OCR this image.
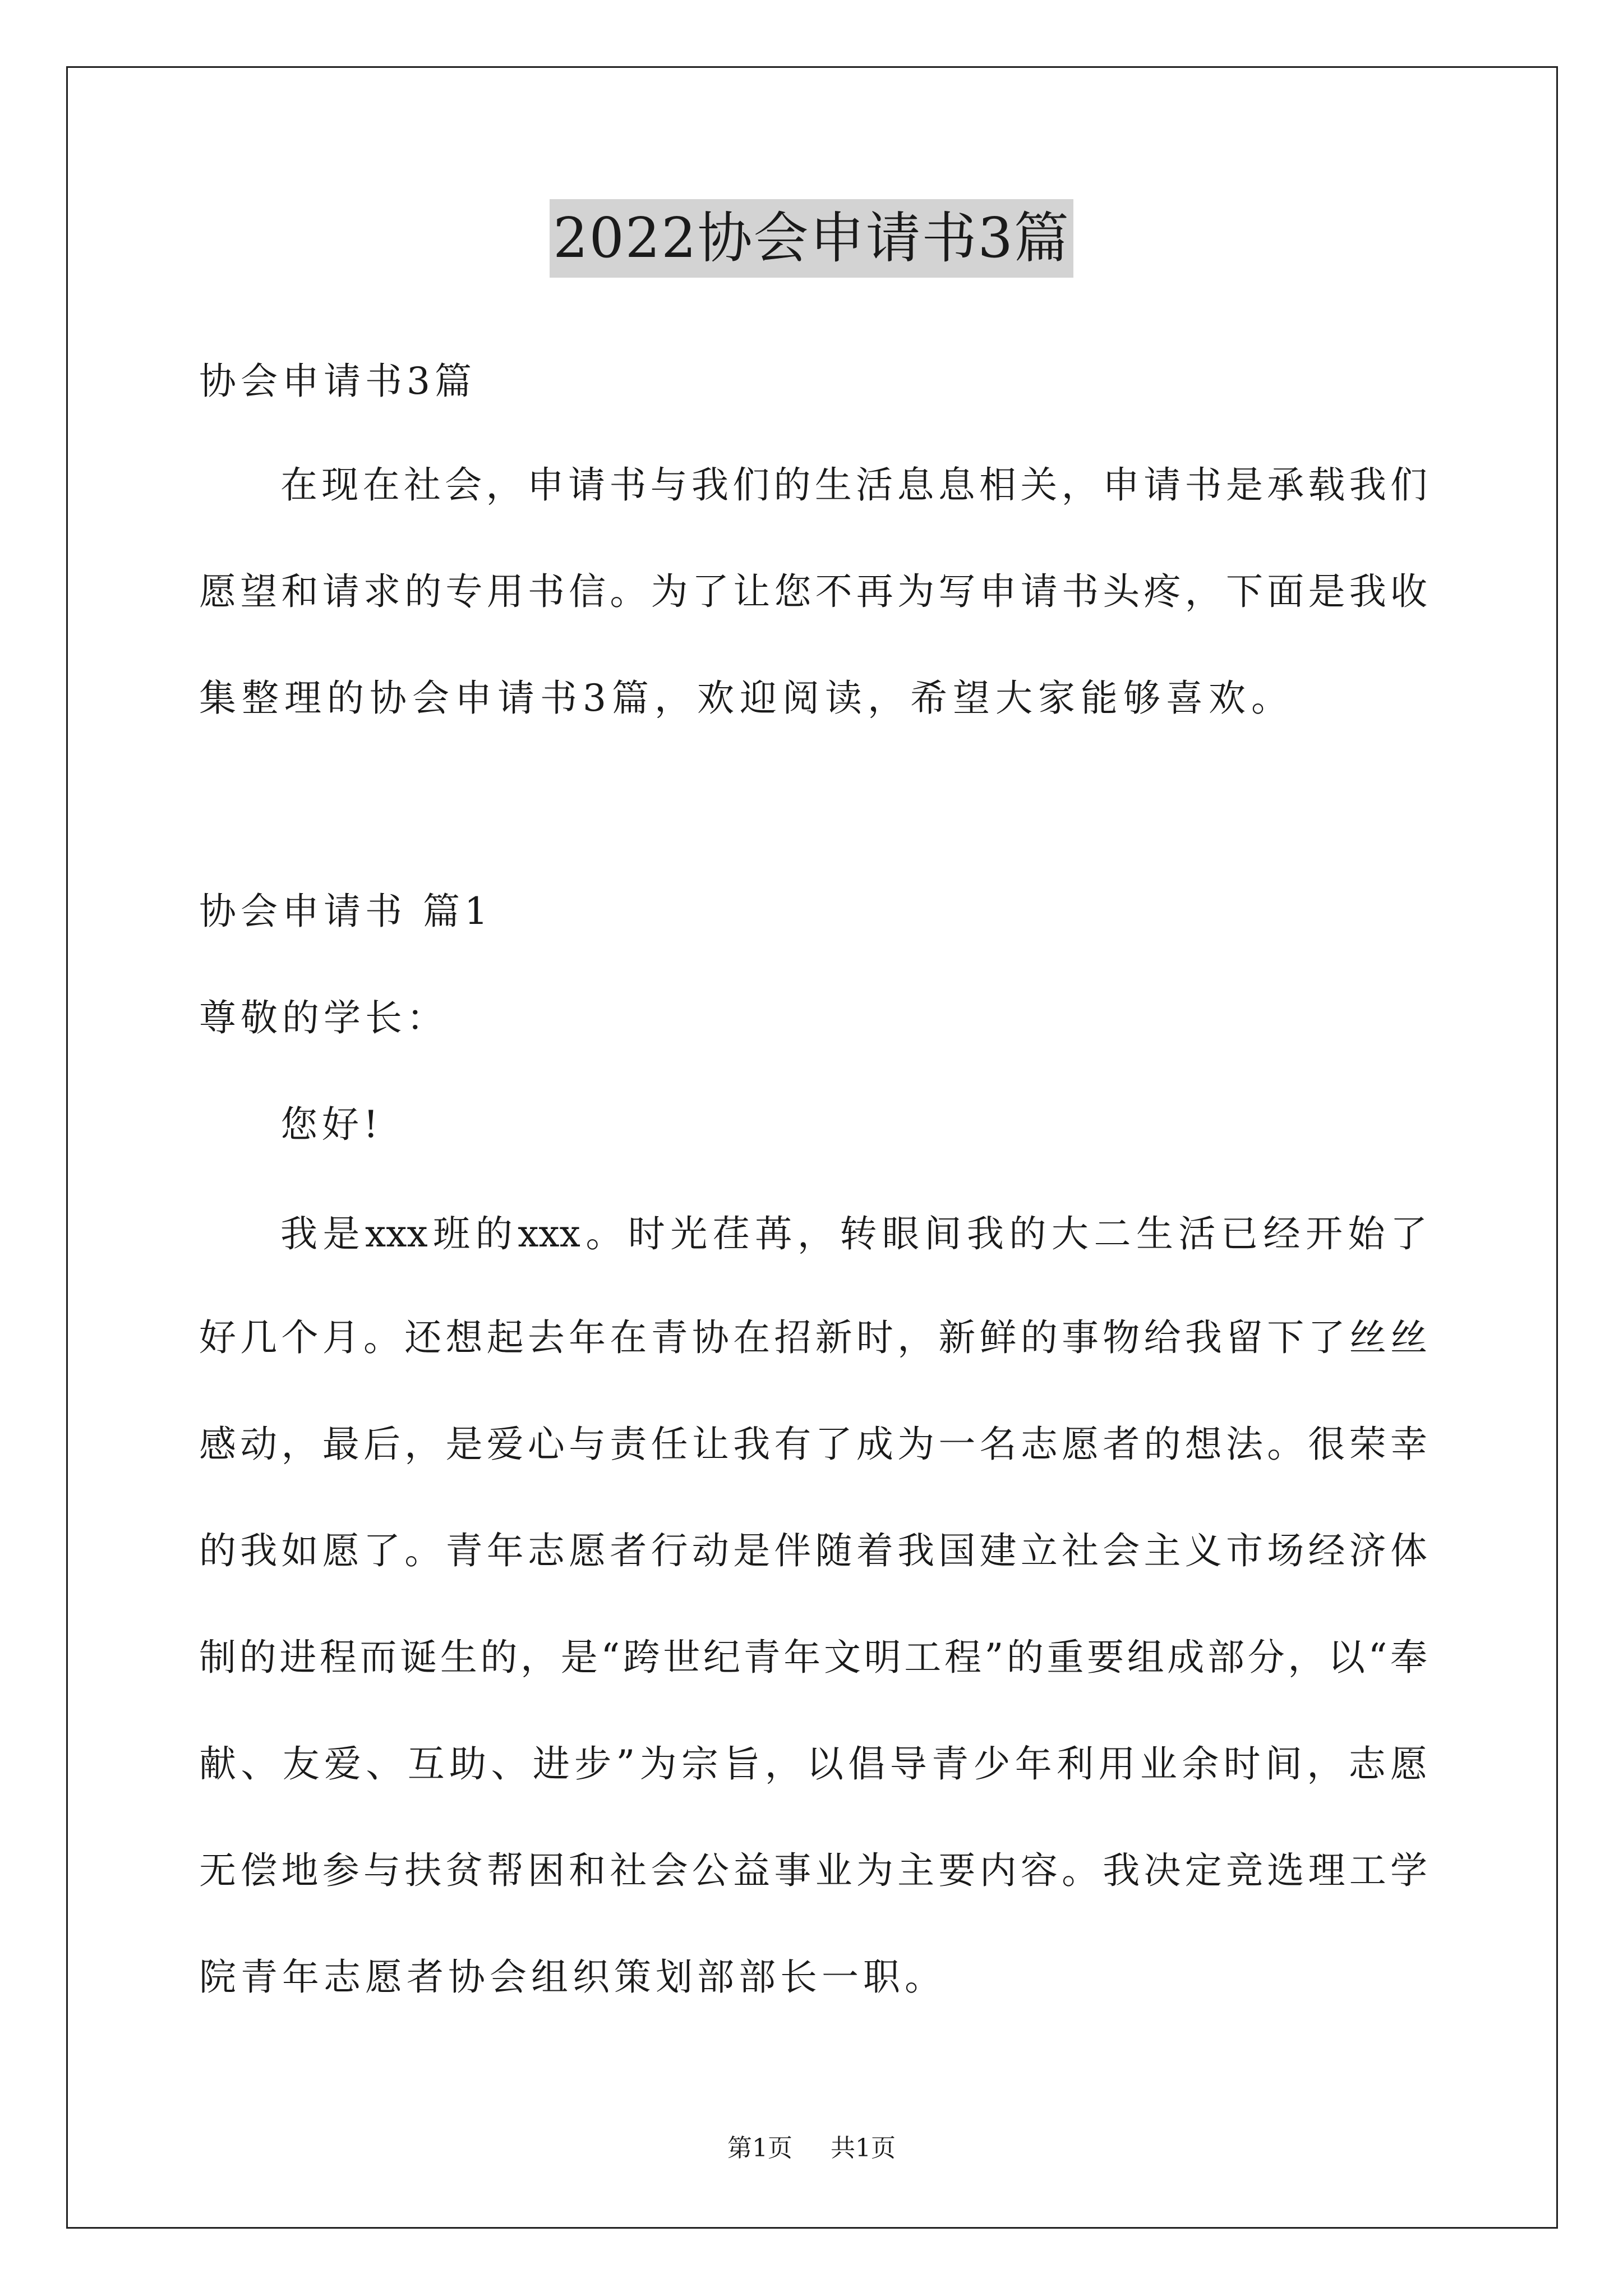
2022协会申请书3篇
协会申请书3篇
在现在社会，申请书与我们的生活息息相关，申请书是承载我们
愿望和请求的专用书信。为了让您不再为写申请书头疼，下面是我收
集整理的协会申请书3篇，欢迎阅读，希望大家能够喜欢。
协会申请书 篇1
尊敬的学长：
您好!
我是xxx班的xxx。时光荏苒，转眼间我的大二生活已经开始了
好几个月。还想起去年在青协在招新时，新鲜的事物给我留下了丝丝
感动，最后，是爱心与责任让我有了成为一名志愿者的想法。很荣幸
的我如愿了。青年志愿者行动是伴随着我国建立社会主义市场经济体
制的进程而诞生的，是“跨世纪青年文明工程”的重要组成部分，以“奉
献、友爱、互助、进步”为宗旨，以倡导青少年利用业余时间，志愿
无偿地参与扶贫帮困和社会公益事业为主要内容。我决定竞选理工学
院青年志愿者协会组织策划部部长一职。
第1页 共1页
